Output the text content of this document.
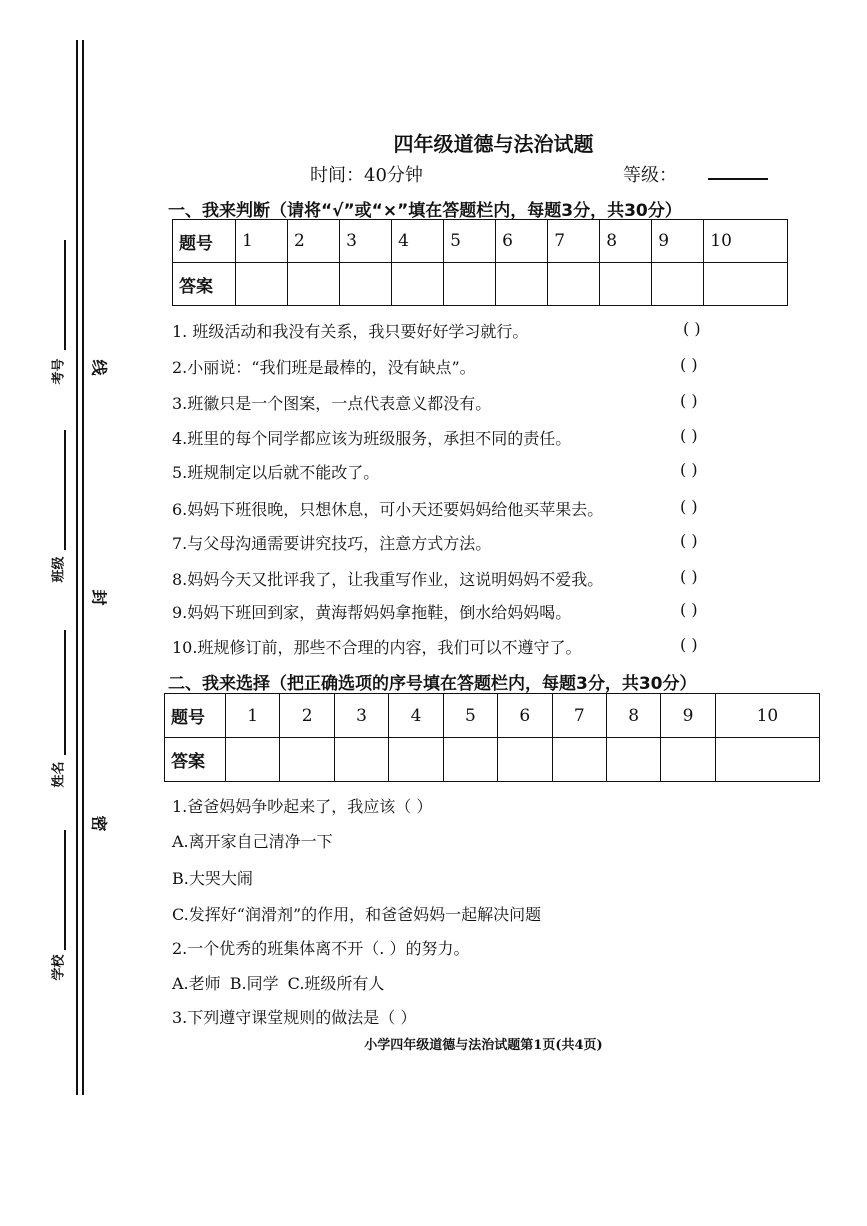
考号
班级
姓名
学校
线
封
密
四年级道德与法治试题
时间：40分钟	等级：
一、我来判断（请将“√”或“×”填在答题栏内，每题3分，共30分）
题号	1	2	3	4	5	6	7	8	9	10
答案										
1. 班级活动和我没有关系，我只要好好学习就行。	( )
2.小丽说：“我们班是最棒的，没有缺点”。	( )
3.班徽只是一个图案，一点代表意义都没有。	( )
4.班里的每个同学都应该为班级服务，承担不同的责任。	( )
5.班规制定以后就不能改了。	( )
6.妈妈下班很晚，只想休息，可小天还要妈妈给他买苹果去。	( )
7.与父母沟通需要讲究技巧，注意方式方法。	( )
8.妈妈今天又批评我了，让我重写作业，这说明妈妈不爱我。	( )
9.妈妈下班回到家，黄海帮妈妈拿拖鞋，倒水给妈妈喝。	( )
10.班规修订前，那些不合理的内容，我们可以不遵守了。	( )
二、我来选择（把正确选项的序号填在答题栏内，每题3分，共30分）
题号	1	2	3	4	5	6	7	8	9	10
答案										
1.爸爸妈妈争吵起来了，我应该（ ）
A.离开家自己清净一下
B.大哭大闹
C.发挥好“润滑剂”的作用，和爸爸妈妈一起解决问题
2.一个优秀的班集体离不开（. ）的努力。
A.老师 B.同学 C.班级所有人
3.下列遵守课堂规则的做法是（ ）
小学四年级道德与法治试题第1页(共4页)
